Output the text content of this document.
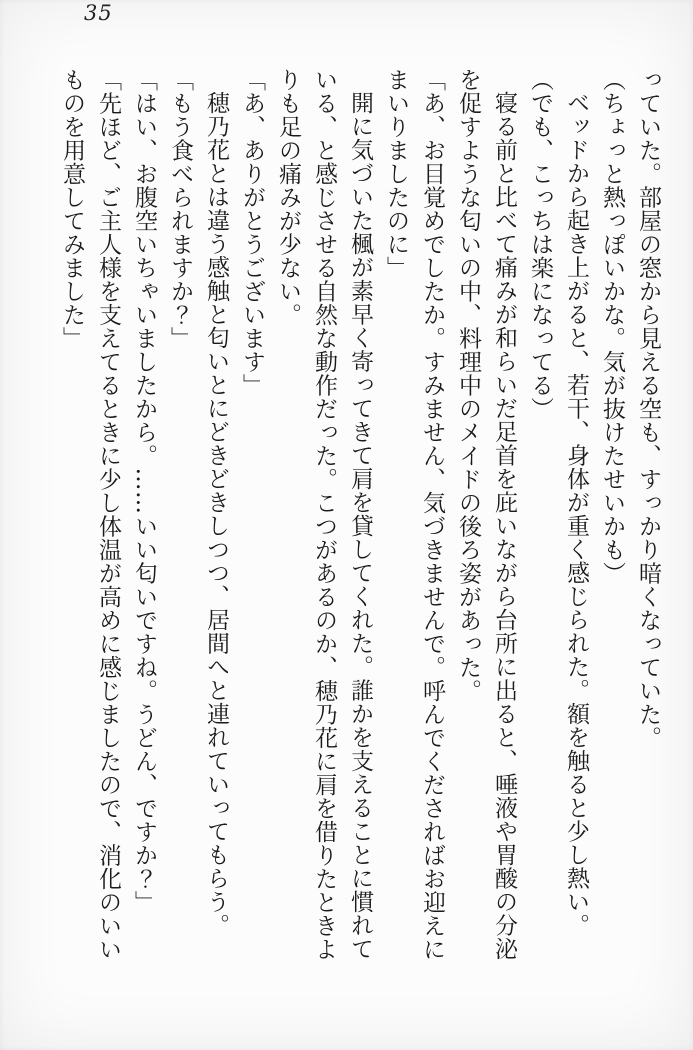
35

っていた。部屋の窓から見える空も、すっかり暗くなっていた。

（ちょっと熱っぽいかな。気が抜けたせいかも）

ベッドから起き上がると、若干、身体が重く感じられた。額を触ると少し熱い。

（でも、こっちは楽になってる）

寝る前と比べて痛みが和らいだ足首を庇いながら台所に出ると、唾液や胃酸の分泌を促すような匂いの中、料理中のメイドの後ろ姿があった。

「あ、お目覚めでしたか。すみません、気づきませんで。呼んでくださればお迎えにまいりましたのに」

開に気づいた楓が素早く寄ってきて肩を貸してくれた。誰かを支えることに慣れている、と感じさせる自然な動作だった。こつがあるのか、穂乃花に肩を借りたときよりも足の痛みが少ない。

「あ、ありがとうございます」

穂乃花とは違う感触と匂いとにどきどきしつつ、居間へと連れていってもらう。

「もう食べられますか？」

「はい、お腹空いちゃいましたから。……いい匂いですね。うどん、ですか？」

「先ほど、ご主人様を支えてるときに少し体温が高めに感じましたので、消化のいいものを用意してみました」
